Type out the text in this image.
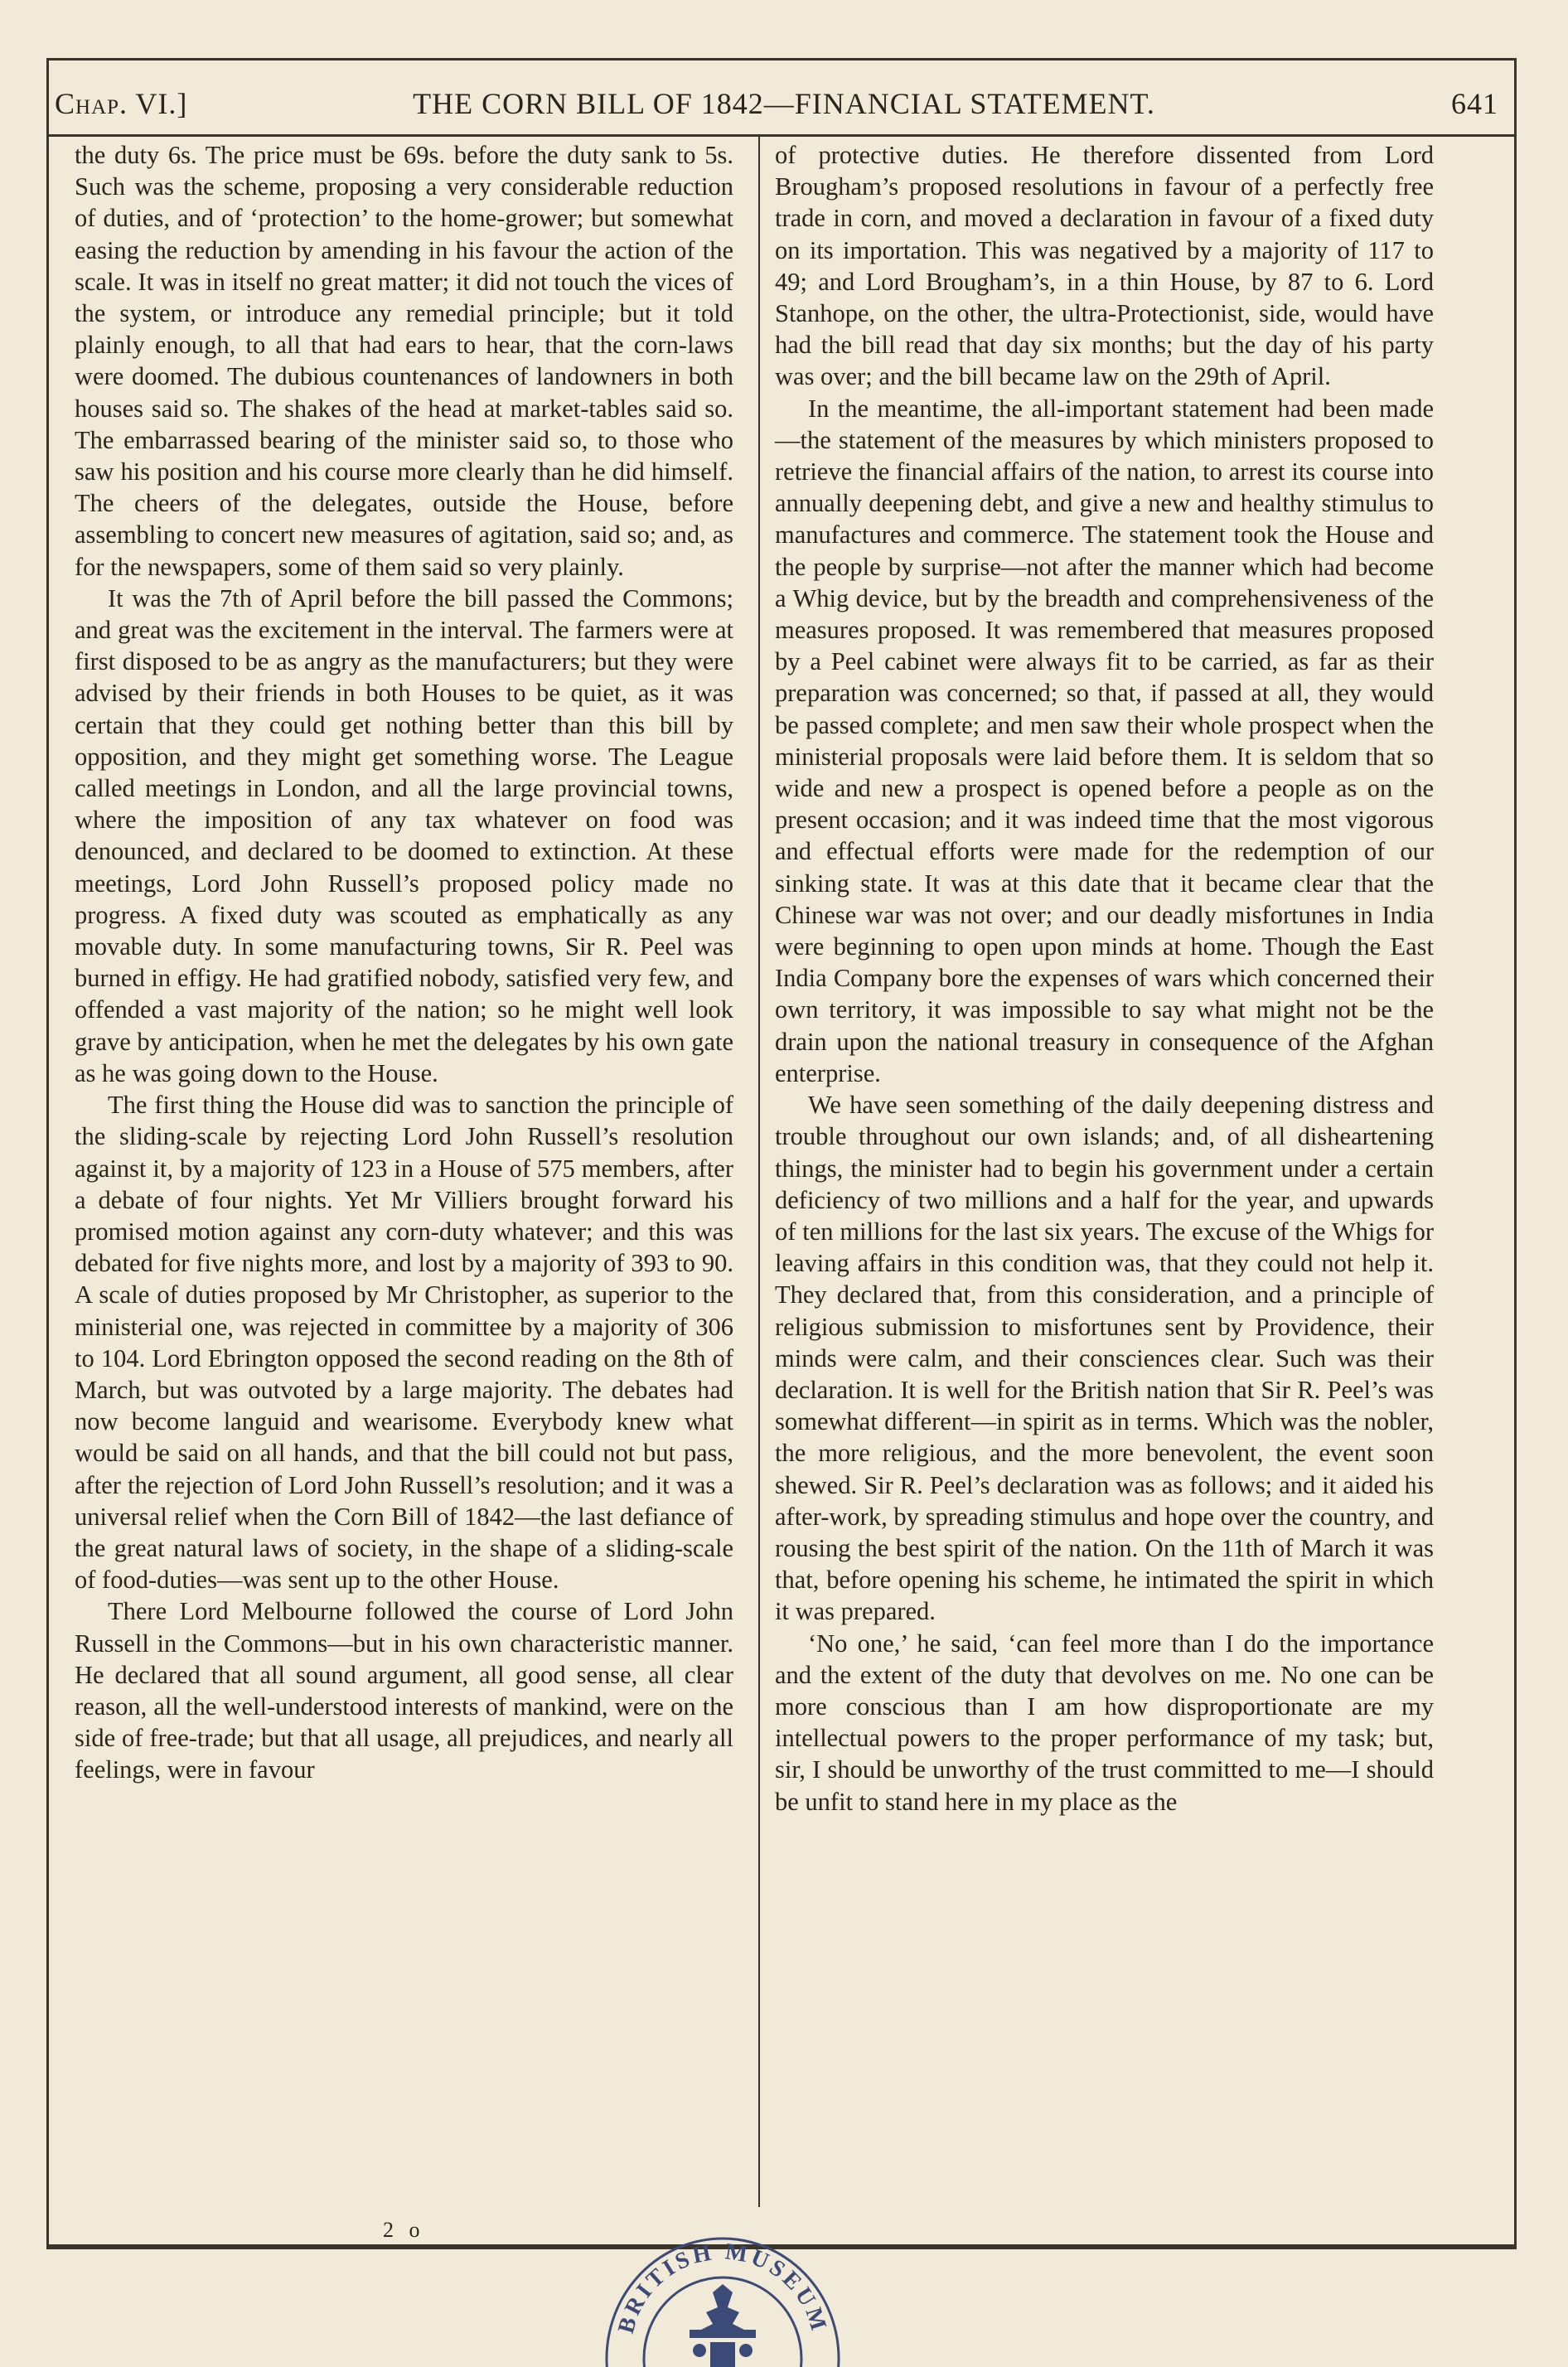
Chap. VI.]	THE CORN BILL OF 1842—FINANCIAL STATEMENT.	641

the duty 6s. The price must be 69s. before the duty sank to 5s. Such was the scheme, proposing a very considerable reduction of duties, and of ‘protection’ to the home-grower; but somewhat easing the reduction by amending in his favour the action of the scale. It was in itself no great matter; it did not touch the vices of the system, or introduce any remedial principle; but it told plainly enough, to all that had ears to hear, that the corn-laws were doomed. The dubious countenances of landowners in both houses said so. The shakes of the head at market-tables said so. The embarrassed bearing of the minister said so, to those who saw his position and his course more clearly than he did himself. The cheers of the delegates, outside the House, before assembling to concert new measures of agitation, said so; and, as for the newspapers, some of them said so very plainly.

It was the 7th of April before the bill passed the Commons; and great was the excitement in the interval. The farmers were at first disposed to be as angry as the manufacturers; but they were advised by their friends in both Houses to be quiet, as it was certain that they could get nothing better than this bill by opposition, and they might get something worse. The League called meetings in London, and all the large provincial towns, where the imposition of any tax whatever on food was denounced, and declared to be doomed to extinction. At these meetings, Lord John Russell’s proposed policy made no progress. A fixed duty was scouted as emphatically as any movable duty. In some manufacturing towns, Sir R. Peel was burned in effigy. He had gratified nobody, satisfied very few, and offended a vast majority of the nation; so he might well look grave by anticipation, when he met the delegates by his own gate as he was going down to the House.

The first thing the House did was to sanction the principle of the sliding-scale by rejecting Lord John Russell’s resolution against it, by a majority of 123 in a House of 575 members, after a debate of four nights. Yet Mr Villiers brought forward his promised motion against any corn-duty whatever; and this was debated for five nights more, and lost by a majority of 393 to 90. A scale of duties proposed by Mr Christopher, as superior to the ministerial one, was rejected in committee by a majority of 306 to 104. Lord Ebrington opposed the second reading on the 8th of March, but was outvoted by a large majority. The debates had now become languid and wearisome. Everybody knew what would be said on all hands, and that the bill could not but pass, after the rejection of Lord John Russell’s resolution; and it was a universal relief when the Corn Bill of 1842—the last defiance of the great natural laws of society, in the shape of a sliding-scale of food-duties—was sent up to the other House.

There Lord Melbourne followed the course of Lord John Russell in the Commons—but in his own characteristic manner. He declared that all sound argument, all good sense, all clear reason, all the well-understood interests of mankind, were on the side of free-trade; but that all usage, all prejudices, and nearly all feelings, were in favour

of protective duties. He therefore dissented from Lord Brougham’s proposed resolutions in favour of a perfectly free trade in corn, and moved a declaration in favour of a fixed duty on its importation. This was negatived by a majority of 117 to 49; and Lord Brougham’s, in a thin House, by 87 to 6. Lord Stanhope, on the other, the ultra-Protectionist, side, would have had the bill read that day six months; but the day of his party was over; and the bill became law on the 29th of April.

In the meantime, the all-important statement had been made—the statement of the measures by which ministers proposed to retrieve the financial affairs of the nation, to arrest its course into annually deepening debt, and give a new and healthy stimulus to manufactures and commerce. The statement took the House and the people by surprise—not after the manner which had become a Whig device, but by the breadth and comprehensiveness of the measures proposed. It was remembered that measures proposed by a Peel cabinet were always fit to be carried, as far as their preparation was concerned; so that, if passed at all, they would be passed complete; and men saw their whole prospect when the ministerial proposals were laid before them. It is seldom that so wide and new a prospect is opened before a people as on the present occasion; and it was indeed time that the most vigorous and effectual efforts were made for the redemption of our sinking state. It was at this date that it became clear that the Chinese war was not over; and our deadly misfortunes in India were beginning to open upon minds at home. Though the East India Company bore the expenses of wars which concerned their own territory, it was impossible to say what might not be the drain upon the national treasury in consequence of the Afghan enterprise.

We have seen something of the daily deepening distress and trouble throughout our own islands; and, of all disheartening things, the minister had to begin his government under a certain deficiency of two millions and a half for the year, and upwards of ten millions for the last six years. The excuse of the Whigs for leaving affairs in this condition was, that they could not help it. They declared that, from this consideration, and a principle of religious submission to misfortunes sent by Providence, their minds were calm, and their consciences clear. Such was their declaration. It is well for the British nation that Sir R. Peel’s was somewhat different—in spirit as in terms. Which was the nobler, the more religious, and the more benevolent, the event soon shewed. Sir R. Peel’s declaration was as follows; and it aided his after-work, by spreading stimulus and hope over the country, and rousing the best spirit of the nation. On the 11th of March it was that, before opening his scheme, he intimated the spirit in which it was prepared.

‘No one,’ he said, ‘can feel more than I do the importance and the extent of the duty that devolves on me. No one can be more conscious than I am how disproportionate are my intellectual powers to the proper performance of my task; but, sir, I should be unworthy of the trust committed to me—I should be unfit to stand here in my place as the

2 o
BRITISH MUSEUM
